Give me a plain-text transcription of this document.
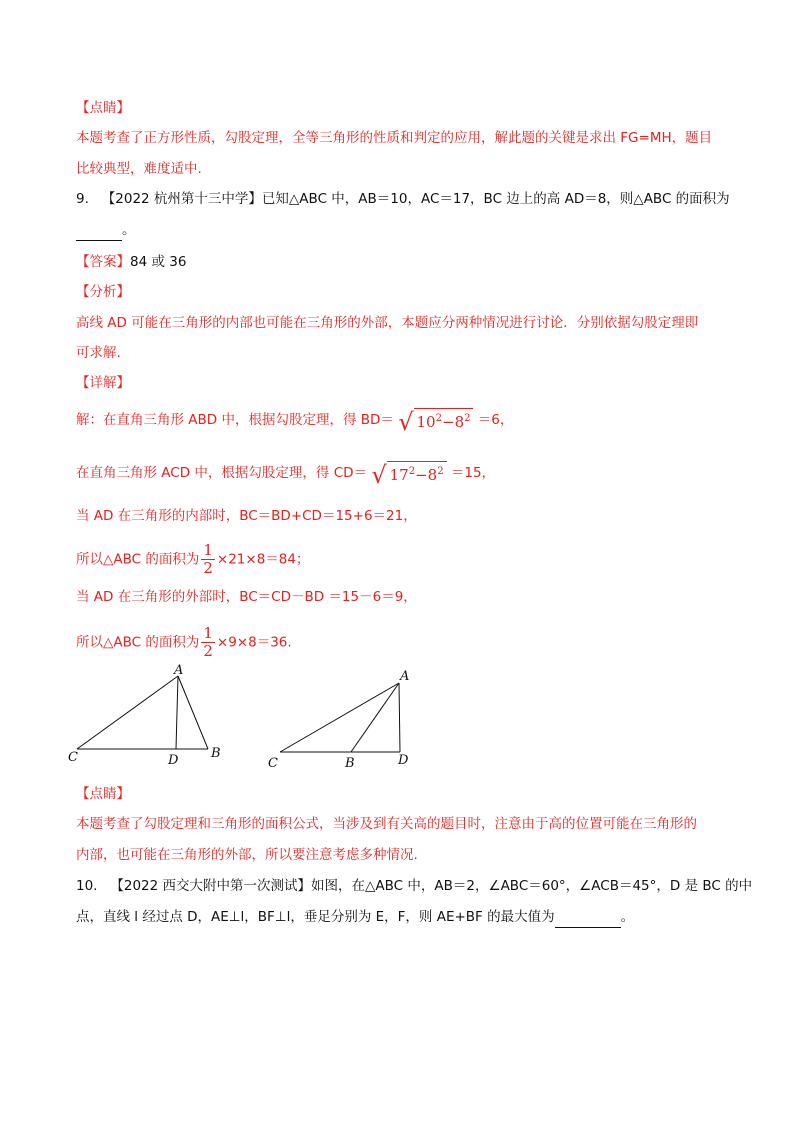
【点睛】
本题考查了正方形性质，勾股定理，全等三角形的性质和判定的应用，解此题的关键是求出 FG=MH，题目
比较典型，难度适中.
9. 【2022 杭州第十三中学】已知△ABC 中，AB＝10，AC＝17，BC 边上的高 AD＝8，则△ABC 的面积为
。
【答案】84 或 36
【分析】
高线 AD 可能在三角形的内部也可能在三角形的外部，本题应分两种情况进行讨论．分别依据勾股定理即
可求解.
【详解】
解：在直角三角形 ABD 中，根据勾股定理，得 BD＝ √ $10^2-8^2 =6$，
在直角三角形 ACD 中，根据勾股定理，得 CD＝ √ $17^2-8^2 =15$，
当 AD 在三角形的内部时，BC＝BD+CD＝15+6＝21，
所以△ABC 的面积为 $\frac{1}{2} \times 21\times 8=84$；
当 AD 在三角形的外部时，BC＝CD－BD ＝15－6＝9，
所以△ABC 的面积为 $\frac{1}{2} \times 9\times 8=36$.
A
C	D	B
A
C	B	D
【点睛】
本题考查了勾股定理和三角形的面积公式，当涉及到有关高的题目时，注意由于高的位置可能在三角形的
内部，也可能在三角形的外部，所以要注意考虑多种情况.
10. 【2022 西交大附中第一次测试】如图，在△ABC 中，AB＝2，∠ABC＝60°，∠ACB＝45°，D 是 BC 的中
点，直线 l 经过点 D，AE⊥l，BF⊥l，垂足分别为 E，F，则 AE+BF 的最大值为	。
